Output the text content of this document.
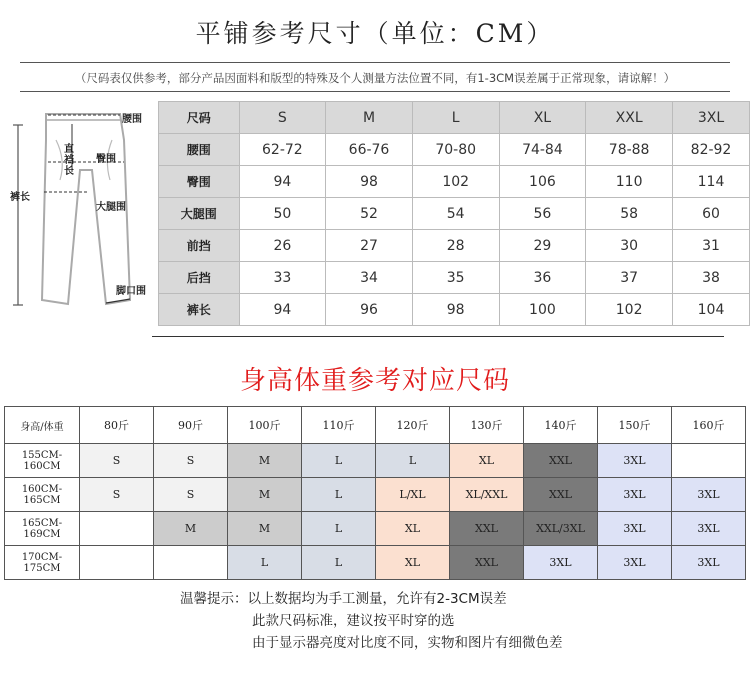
平铺参考尺寸（单位：CM）
（尺码表仅供参考，部分产品因面料和版型的特殊及个人测量方法位置不同，有1-3CM误差属于正常现象，请谅解！）
腰围
臀围
直裆长
大腿围
裤长
脚口围
尺码	S	M	L	XL	XXL	3XL
腰围	62-72	66-76	70-80	74-84	78-88	82-92
臀围	94	98	102	106	110	114
大腿围	50	52	54	56	58	60
前挡	26	27	28	29	30	31
后挡	33	34	35	36	37	38
裤长	94	96	98	100	102	104
身高体重参考对应尺码
身高/体重	80斤	90斤	100斤	110斤	120斤	130斤	140斤	150斤	160斤
155CM-160CM	S	S	M	L	L	XL	XXL	3XL	
160CM-165CM	S	S	M	L	L/XL	XL/XXL	XXL	3XL	3XL
165CM-169CM		M	M	L	XL	XXL	XXL/3XL	3XL	3XL
170CM-175CM			L	L	XL	XXL	3XL	3XL	3XL
温馨提示：以上数据均为手工测量，允许有2-3CM误差
此款尺码标准，建议按平时穿的选
由于显示器亮度对比度不同，实物和图片有细微色差
